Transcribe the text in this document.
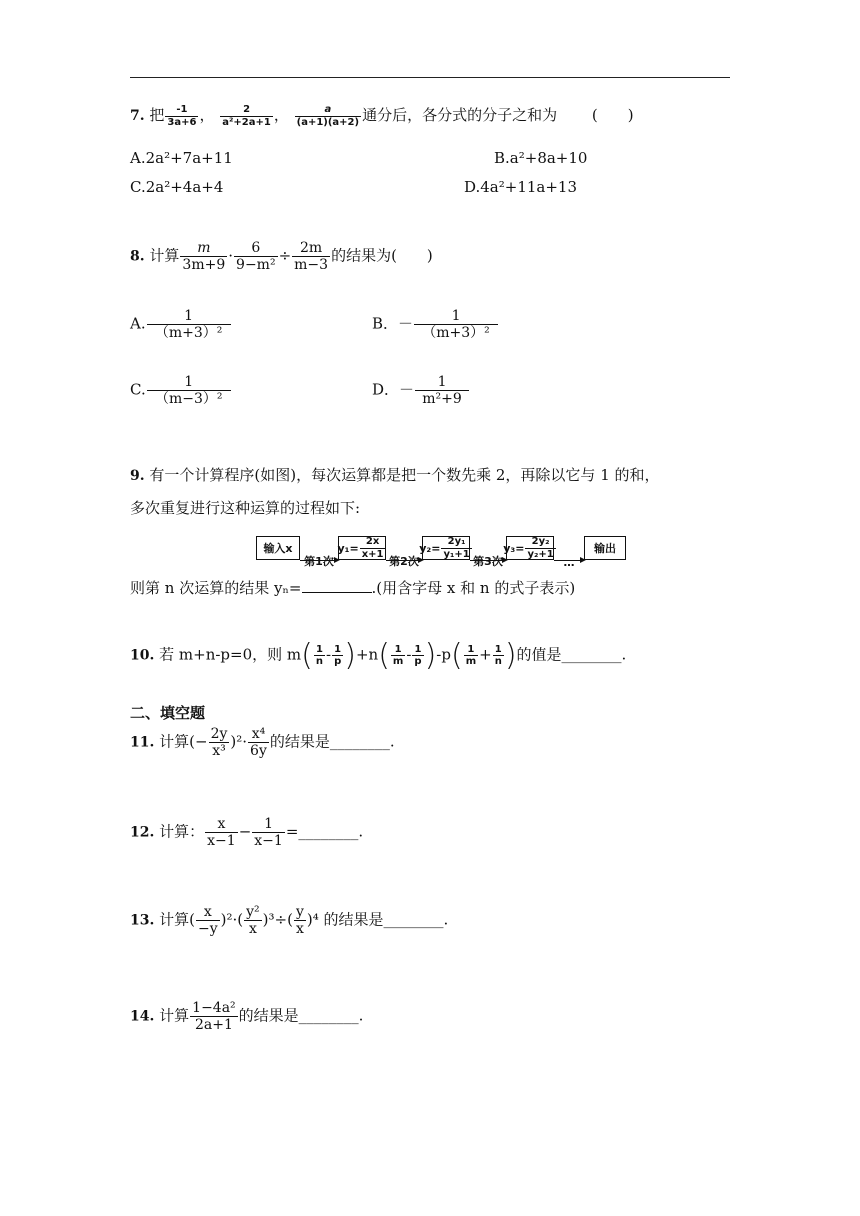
7. 把 $\frac{-1}{3a+6}$ ， $\frac{2}{\text{a²+2a+1}}$ ， $\frac{a}{(a+1)(a+2)}$ 通分后，各分式的分子之和为 (　　)
A.2a²+7a+11	B.a²+8a+10
C.2a²+4a+4	D.4a²+11a+13
8. 计算 $\frac{m}{3m+9} \cdot \frac{6}{\text{9−m²}} \div \frac{2m}{m-3}$ 的结果为(　　)
A. $\frac{1}{\text{（m+3）²}}$	B．－ $\frac{1}{\text{（m+3）²}}$
C. $\frac{1}{\text{（m−3）²}}$	D．－ $\frac{1}{\text{m²+9}}$
9. 有一个计算程序(如图)，每次运算都是把一个数先乘 2，再除以它与 1 的和，
多次重复进行这种运算的过程如下:
输入x
第1次
$y_1= \frac{2x}{x+1}$
第2次
$y_2= \frac{\text{2y₁}}{\text{y₁+1}}$
第3次
$y_3= \frac{\text{2y₂}}{\text{y₂+1}}$
…
输出
则第 n 次运算的结果 yₙ=	.(用含字母 x 和 n 的式子表示)
10. 若 m+n-p=0，则 $m( \frac{1}{n} - \frac{1}{p} )+n( \frac{1}{m} - \frac{1}{p} )-p( \frac{1}{m} + \frac{1}{n}$ )的值是________.
二、填空题
11. 计算(− $\frac{2y}{\text{x³}} )^2\cdot \frac{\text{x⁴}}{6y}$ 的结果是________.
12. 计算： $\frac{x}{x-1} - \frac{1}{x-1}$ =________.
13. 计算( $\frac{x}{-y} )^2\cdot( \frac{\text{y²}}{x} )^3\div( \frac{y}{x} )^4$ 的结果是________.
14. 计算 $\frac{\text{1−4a²}}{2a+1}$ 的结果是________.
